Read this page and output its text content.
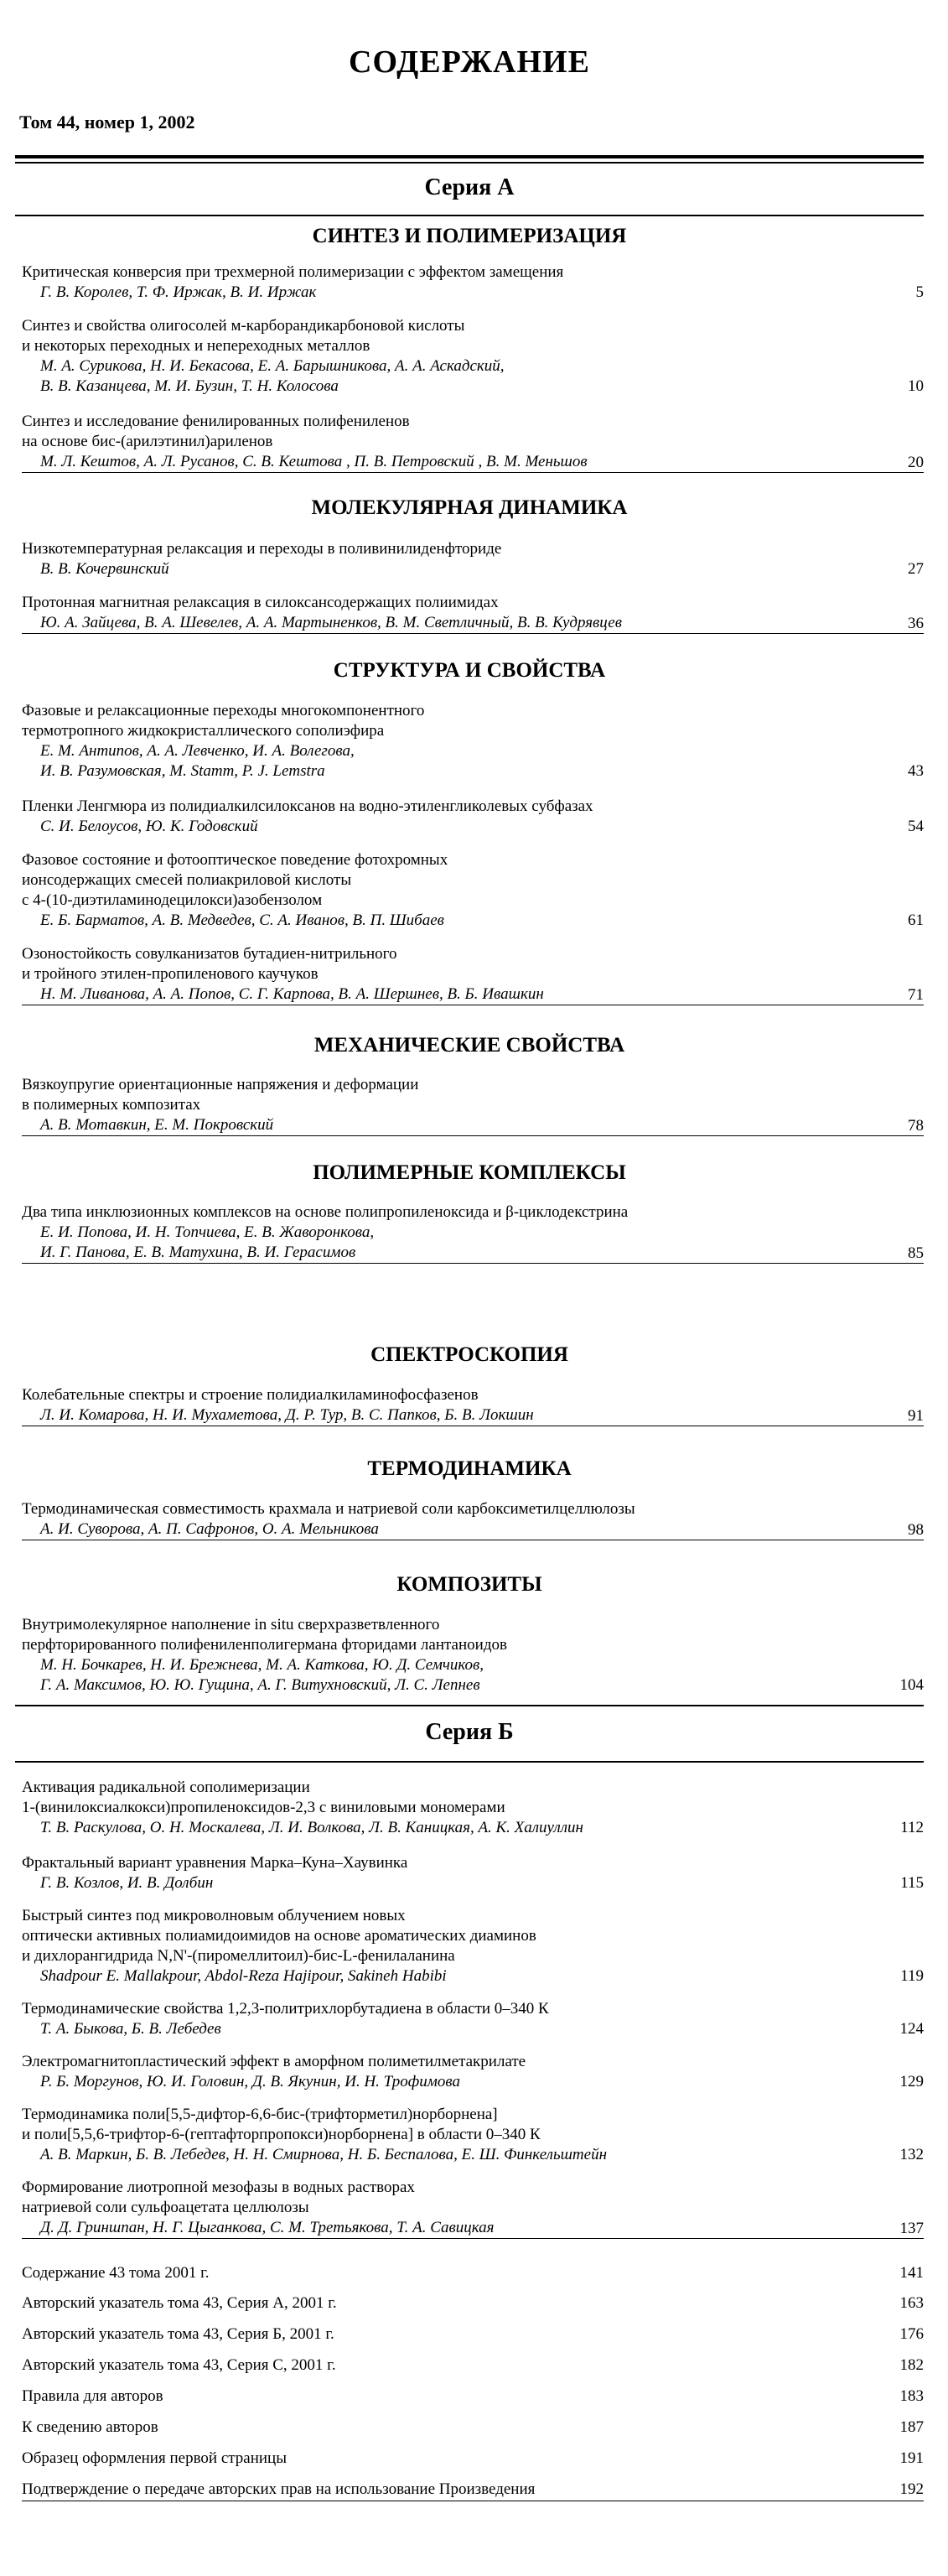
СОДЕРЖАНИЕ
Том 44, номер 1, 2002
Серия А
СИНТЕЗ И ПОЛИМЕРИЗАЦИЯ
Критическая конверсия при трехмерной полимеризации с эффектом замещения
Г. В. Королев, Т. Ф. Иржак, В. И. Иржак	5
Синтез и свойства олигосолей м-карборандикарбоновой кислоты
и некоторых переходных и непереходных металлов
М. А. Сурикова, Н. И. Бекасова, Е. А. Барышникова, А. А. Аскадский,
В. В. Казанцева, М. И. Бузин, Т. Н. Колосова	10
Синтез и исследование фенилированных полифениленов
на основе бис-(арилэтинил)ариленов
М. Л. Кештов, А. Л. Русанов, С. В. Кештова , П. В. Петровский , В. М. Меньшов	20
МОЛЕКУЛЯРНАЯ ДИНАМИКА
Низкотемпературная релаксация и переходы в поливинилиденфториде
В. В. Кочервинский	27
Протонная магнитная релаксация в силоксансодержащих полиимидах
Ю. А. Зайцева, В. А. Шевелев, А. А. Мартыненков, В. М. Светличный, В. В. Кудрявцев	36
СТРУКТУРА И СВОЙСТВА
Фазовые и релаксационные переходы многокомпонентного
термотропного жидкокристаллического сополиэфира
Е. М. Антипов, А. А. Левченко, И. А. Волегова,
И. В. Разумовская, M. Stamm, P. J. Lemstra	43
Пленки Ленгмюра из полидиалкилсилоксанов на водно-этиленгликолевых субфазах
С. И. Белоусов, Ю. К. Годовский	54
Фазовое состояние и фотооптическое поведение фотохромных
ионсодержащих смесей полиакриловой кислоты
с 4-(10-диэтиламинодецилокси)азобензолом
Е. Б. Барматов, А. В. Медведев, С. А. Иванов, В. П. Шибаев	61
Озоностойкость совулканизатов бутадиен-нитрильного
и тройного этилен-пропиленового каучуков
Н. М. Ливанова, А. А. Попов, С. Г. Карпова, В. А. Шершнев, В. Б. Ивашкин	71
МЕХАНИЧЕСКИЕ СВОЙСТВА
Вязкоупругие ориентационные напряжения и деформации
в полимерных композитах
А. В. Мотавкин, Е. М. Покровский	78
ПОЛИМЕРНЫЕ КОМПЛЕКСЫ
Два типа инклюзионных комплексов на основе полипропиленоксида и β-циклодекстрина
Е. И. Попова, И. Н. Топчиева, Е. В. Жаворонкова,
И. Г. Панова, Е. В. Матухина, В. И. Герасимов	85
СПЕКТРОСКОПИЯ
Колебательные спектры и строение полидиалкиламинофосфазенов
Л. И. Комарова, Н. И. Мухаметова, Д. Р. Тур, В. С. Папков, Б. В. Локшин	91
ТЕРМОДИНАМИКА
Термодинамическая совместимость крахмала и натриевой соли карбоксиметилцеллюлозы
А. И. Суворова, А. П. Сафронов, О. А. Мельникова	98
КОМПОЗИТЫ
Внутримолекулярное наполнение in situ сверхразветвленного
перфторированного полифениленполигермана фторидами лантаноидов
М. Н. Бочкарев, Н. И. Брежнева, М. А. Каткова, Ю. Д. Семчиков,
Г. А. Максимов, Ю. Ю. Гущина, А. Г. Витухновский, Л. С. Лепнев	104
Серия Б
Активация радикальной сополимеризации
1-(винилоксиалкокси)пропиленоксидов-2,3 с виниловыми мономерами
Т. В. Раскулова, О. Н. Москалева, Л. И. Волкова, Л. В. Каницкая, А. К. Халиуллин	112
Фрактальный вариант уравнения Марка–Куна–Хаувинка
Г. В. Козлов, И. В. Долбин	115
Быстрый синтез под микроволновым облучением новых
оптически активных полиамидоимидов на основе ароматических диаминов
и дихлорангидрида N,N'-(пиромеллитоил)-бис-L-фенилаланина
Shadpour E. Mallakpour, Abdol-Reza Hajipour, Sakineh Habibi	119
Термодинамические свойства 1,2,3-политрихлорбутадиена в области 0–340 К
Т. А. Быкова, Б. В. Лебедев	124
Электромагнитопластический эффект в аморфном полиметилметакрилате
Р. Б. Моргунов, Ю. И. Головин, Д. В. Якунин, И. Н. Трофимова	129
Термодинамика поли[5,5-дифтор-6,6-бис-(трифторметил)норборнена]
и поли[5,5,6-трифтор-6-(гептафторпропокси)норборнена] в области 0–340 К
А. В. Маркин, Б. В. Лебедев, Н. Н. Смирнова, Н. Б. Беспалова, Е. Ш. Финкельштейн	132
Формирование лиотропной мезофазы в водных растворах
натриевой соли сульфоацетата целлюлозы
Д. Д. Гриншпан, Н. Г. Цыганкова, С. М. Третьякова, Т. А. Савицкая	137
Содержание 43 тома 2001 г.	141
Авторский указатель тома 43, Серия А, 2001 г.	163
Авторский указатель тома 43, Серия Б, 2001 г.	176
Авторский указатель тома 43, Серия С, 2001 г.	182
Правила для авторов	183
К сведению авторов	187
Образец оформления первой страницы	191
Подтверждение о передаче авторских прав на использование Произведения	192
